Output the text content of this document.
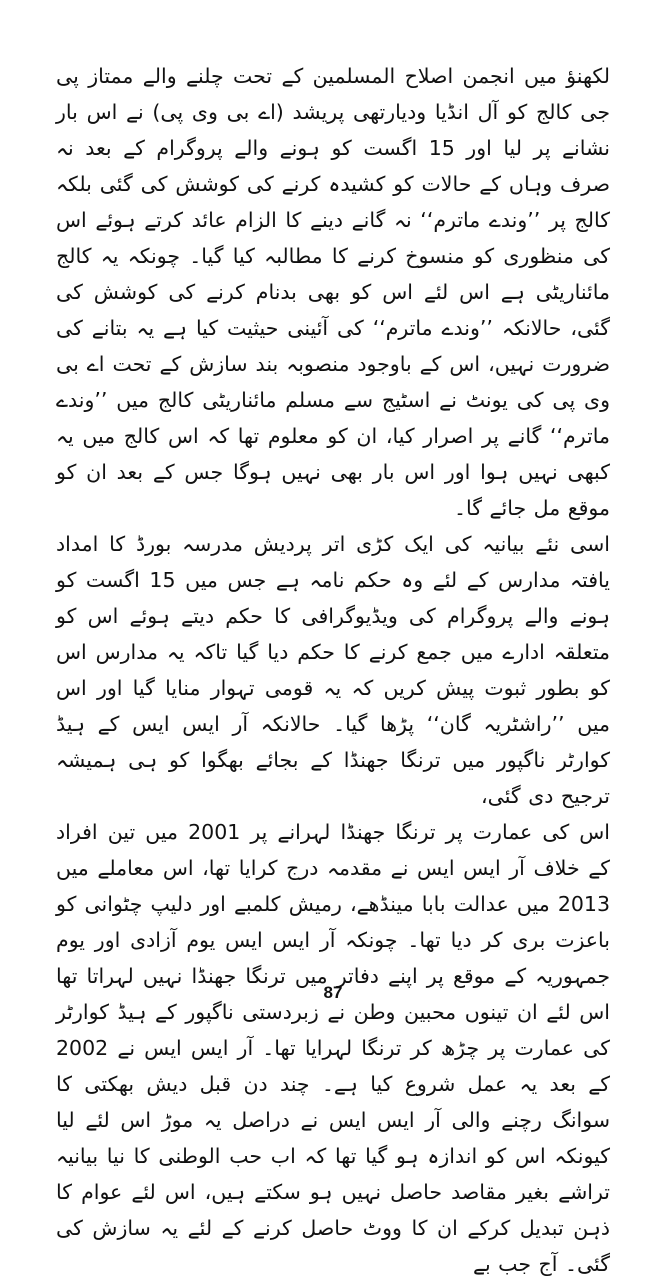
لکھنؤ میں انجمن اصلاح المسلمین کے تحت چلنے والے ممتاز پی جی کالج کو آل انڈیا ودیارتھی پریشد (اے بی وی پی) نے اس بار نشانے پر لیا اور 15 اگست کو ہونے والے پروگرام کے بعد نہ صرف وہاں کے حالات کو کشیدہ کرنے کی کوشش کی گئی بلکہ کالج پر ’’وندے ماترم‘‘ نہ گانے دینے کا الزام عائد کرتے ہوئے اس کی منظوری کو منسوخ کرنے کا مطالبہ کیا گیا۔ چونکہ یہ کالج مائناریٹی ہے اس لئے اس کو بھی بدنام کرنے کی کوشش کی گئی، حالانکہ ’’وندے ماترم‘‘ کی آئینی حیثیت کیا ہے یہ بتانے کی ضرورت نہیں، اس کے باوجود منصوبہ بند سازش کے تحت اے بی وی پی کی یونٹ نے اسٹیج سے مسلم مائناریٹی کالج میں ’’وندے ماترم‘‘ گانے پر اصرار کیا، ان کو معلوم تھا کہ اس کالج میں یہ کبھی نہیں ہوا اور اس بار بھی نہیں ہوگا جس کے بعد ان کو موقع مل جائے گا۔

اسی نئے بیانیہ کی ایک کڑی اتر پردیش مدرسہ بورڈ کا امداد یافتہ مدارس کے لئے وہ حکم نامہ ہے جس میں 15 اگست کو ہونے والے پروگرام کی ویڈیوگرافی کا حکم دیتے ہوئے اس کو متعلقہ ادارے میں جمع کرنے کا حکم دیا گیا تاکہ یہ مدارس اس کو بطور ثبوت پیش کریں کہ یہ قومی تہوار منایا گیا اور اس میں ’’راشٹریہ گان‘‘ پڑھا گیا۔ حالانکہ آر ایس ایس کے ہیڈ کوارٹر ناگپور میں ترنگا جھنڈا کے بجائے بھگوا کو ہی ہمیشہ ترجیح دی گئی،

اس کی عمارت پر ترنگا جھنڈا لہرانے پر 2001 میں تین افراد کے خلاف آر ایس ایس نے مقدمہ درج کرایا تھا، اس معاملے میں 2013 میں عدالت بابا مینڈھے، رمیش کلمبے اور دلیپ چٹوانی کو باعزت بری کر دیا تھا۔ چونکہ آر ایس ایس یوم آزادی اور یوم جمہوریہ کے موقع پر اپنے دفاتر میں ترنگا جھنڈا نہیں لہراتا تھا اس لئے ان تینوں محبین وطن نے زبردستی ناگپور کے ہیڈ کوارٹر کی عمارت پر چڑھ کر ترنگا لہرایا تھا۔ آر ایس ایس نے 2002 کے بعد یہ عمل شروع کیا ہے۔ چند دن قبل دیش بھکتی کا سوانگ رچنے والی آر ایس ایس نے دراصل یہ موڑ اس لئے لیا کیونکہ اس کو اندازہ ہو گیا تھا کہ اب حب الوطنی کا نیا بیانیہ تراشے بغیر مقاصد حاصل نہیں ہو سکتے ہیں، اس لئے عوام کا ذہن تبدیل کرکے ان کا ووٹ حاصل کرنے کے لئے یہ سازش کی گئی۔ آج جب بے

87
